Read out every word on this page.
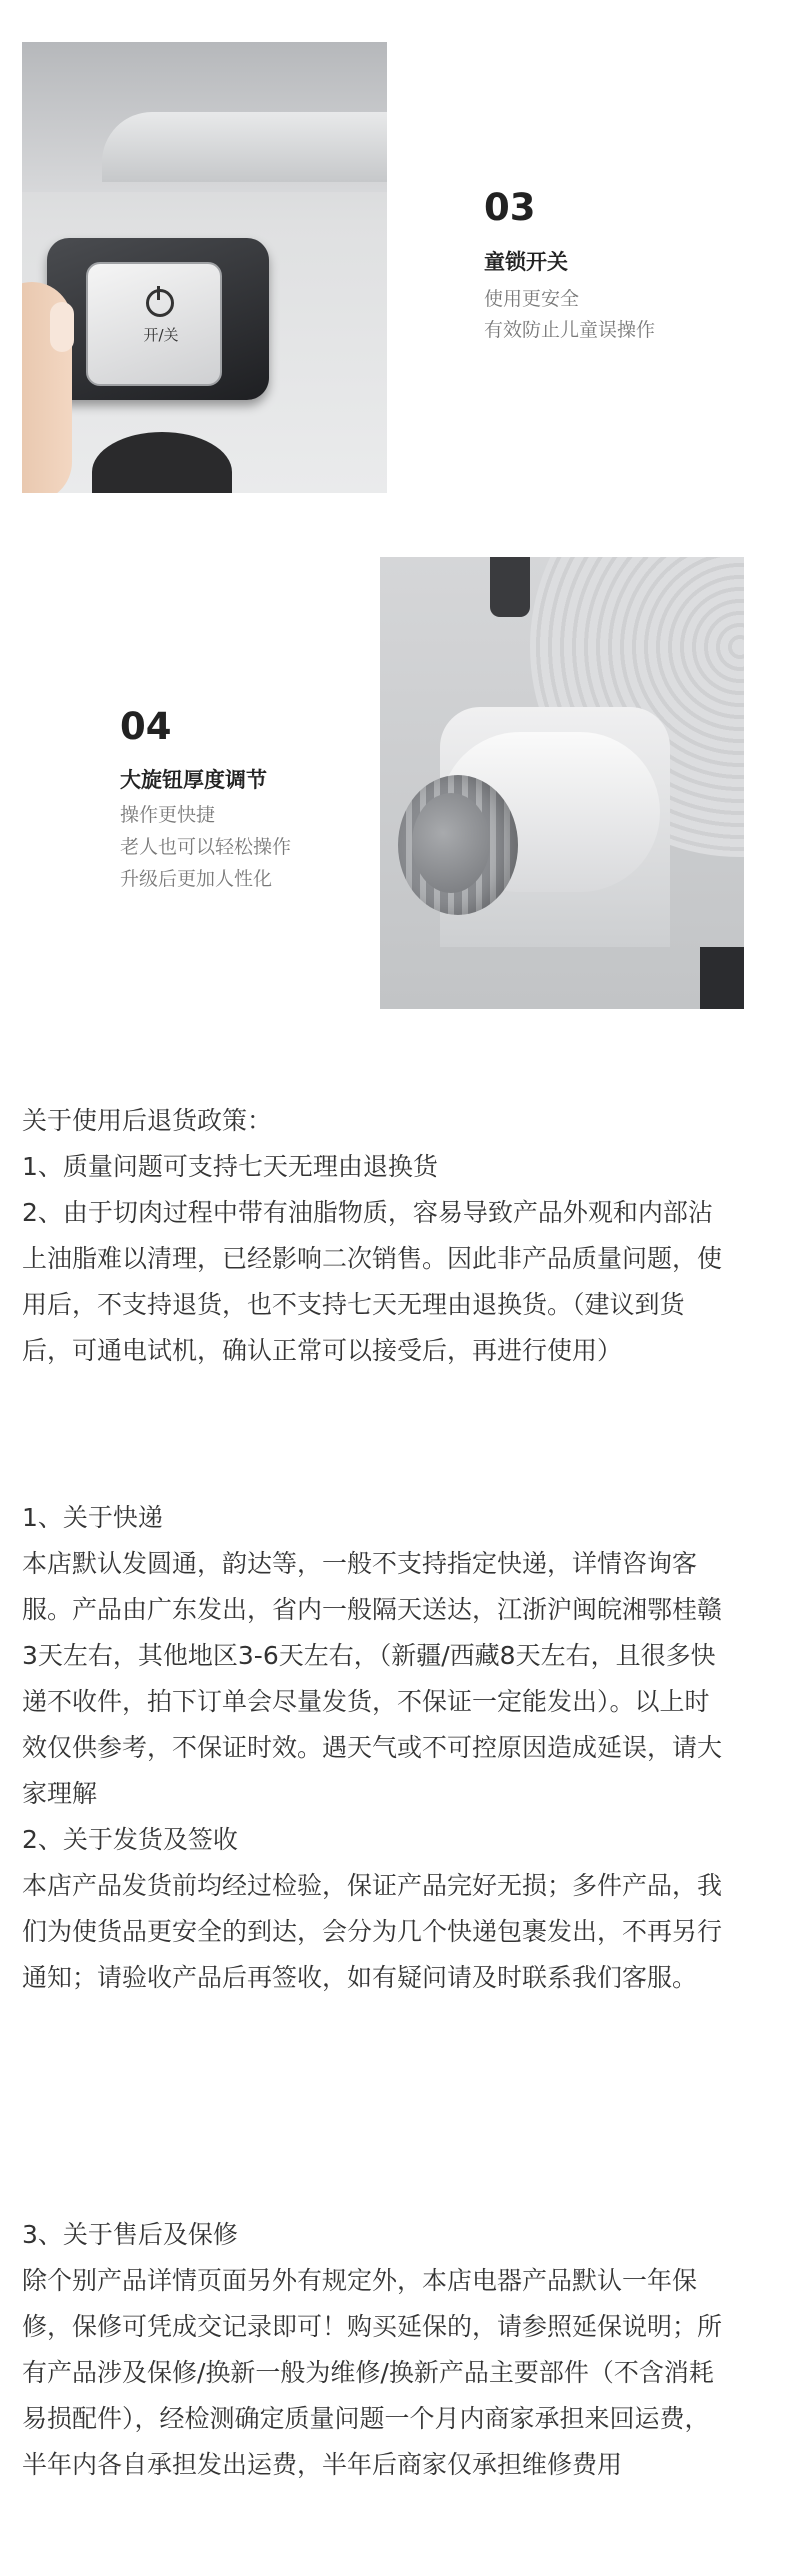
开/关
03
童锁开关
使用更安全
有效防止儿童误操作
04
大旋钮厚度调节
操作更快捷
老人也可以轻松操作
升级后更加人性化

关于使用后退货政策：

1、质量问题可支持七天无理由退换货

2、由于切肉过程中带有油脂物质，容易导致产品外观和内部沾上油脂难以清理，已经影响二次销售。因此非产品质量问题，使用后，不支持退货，也不支持七天无理由退换货。（建议到货后，可通电试机，确认正常可以接受后，再进行使用）

1、关于快递

本店默认发圆通，韵达等，一般不支持指定快递，详情咨询客服。产品由广东发出，省内一般隔天送达，江浙沪闽皖湘鄂桂赣3天左右，其他地区3-6天左右，（新疆/西藏8天左右，且很多快递不收件，拍下订单会尽量发货，不保证一定能发出）。以上时效仅供参考，不保证时效。遇天气或不可控原因造成延误，请大家理解

2、关于发货及签收

本店产品发货前均经过检验，保证产品完好无损；多件产品，我们为使货品更安全的到达，会分为几个快递包裹发出，不再另行通知；请验收产品后再签收，如有疑问请及时联系我们客服。

3、关于售后及保修

除个别产品详情页面另外有规定外，本店电器产品默认一年保修，保修可凭成交记录即可！购买延保的，请参照延保说明；所有产品涉及保修/换新一般为维修/换新产品主要部件（不含消耗易损配件），经检测确定质量问题一个月内商家承担来回运费，半年内各自承担发出运费，半年后商家仅承担维修费用
